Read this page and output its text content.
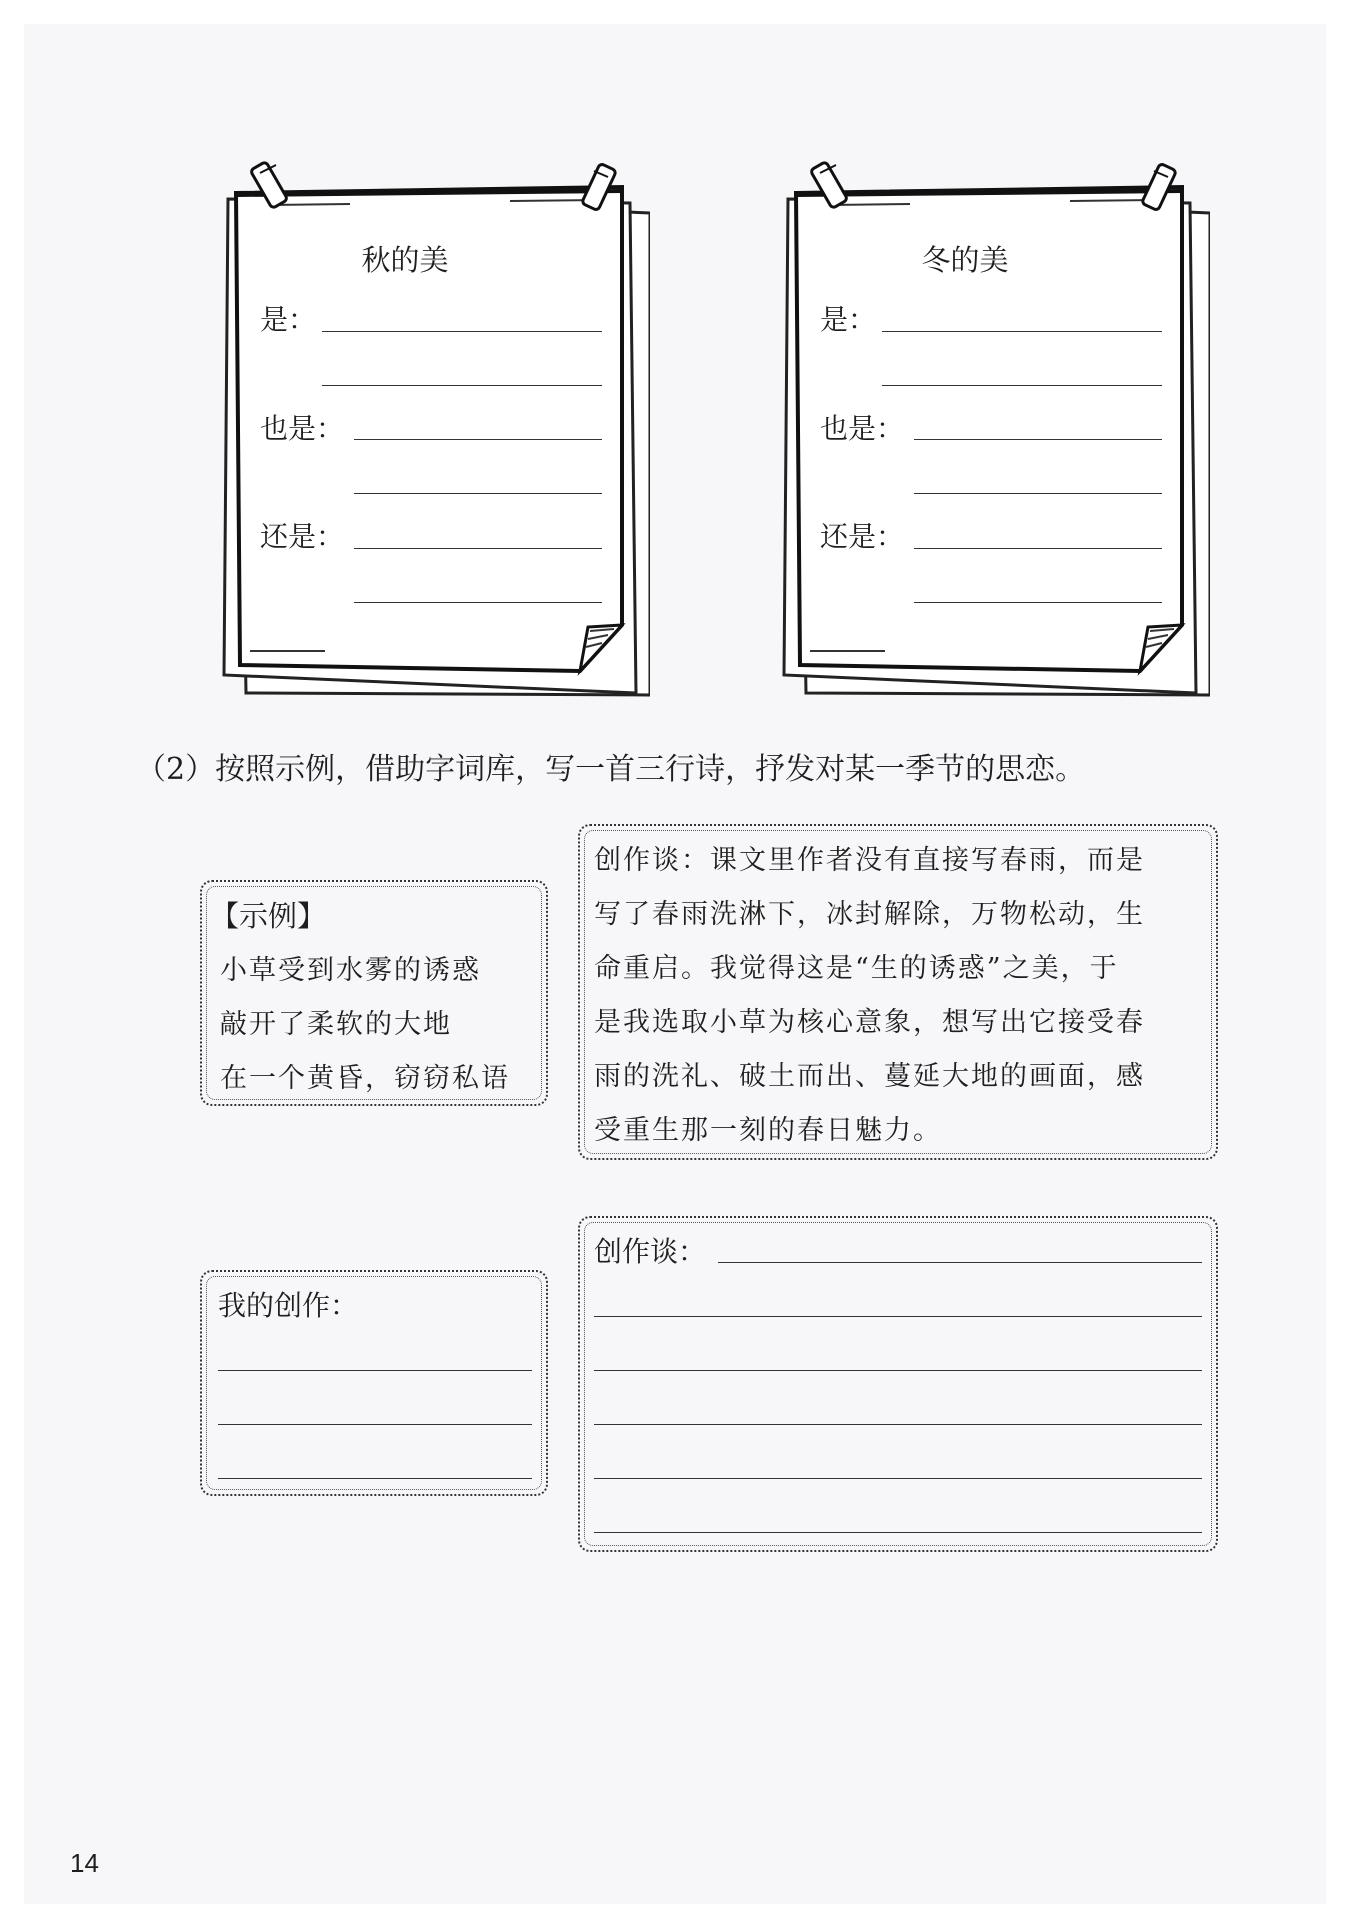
秋的美
是：
也是：
还是：
冬的美
是：
也是：
还是：
（2）按照示例，借助字词库，写一首三行诗，抒发对某一季节的思恋。
【示例】
小草受到水雾的诱惑
敲开了柔软的大地
在一个黄昏，窃窃私语
创作谈：课文里作者没有直接写春雨，而是
写了春雨洗淋下，冰封解除，万物松动，生
命重启。我觉得这是“生的诱惑”之美，于
是我选取小草为核心意象，想写出它接受春
雨的洗礼、破土而出、蔓延大地的画面，感
受重生那一刻的春日魅力。
我的创作：
创作谈：
14
